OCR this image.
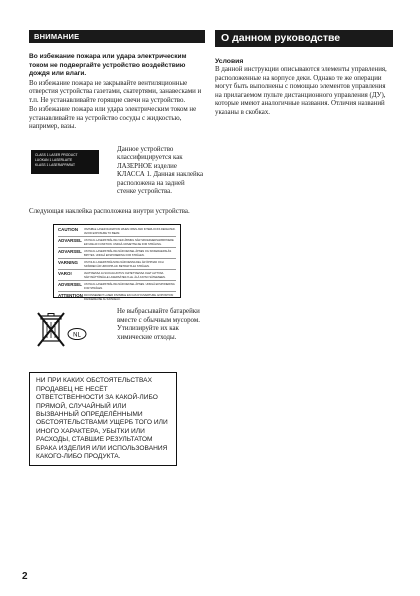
ВНИМАНИЕ
Во избежание пожара или удара электрическим током не подвергайте устройство воздействию дождя или влаги.

Во избежание пожара не закрывайте вентиляционные отверстия устройства газетами, скатертями, занавесками и т.п. Не устанавливайте горящие свечи на устройство.

Во избежание пожара или удара электрическим током не устанавливайте на устройство сосуды с жидкостью, например, вазы.

CLASS 1 LASER PRODUCT
LUOKAN 1 LASERLAITE
KLASS 1 LASERAPPARAT
Данное устройство классифицируется как ЛАЗЕРНОЕ изделие КЛАССА 1. Данная наклейка расположена на задней стенке устройства.

Следующая наклейка расположена внутри устройства.

CAUTION	INVISIBLE LASER RADIATION WHEN OPEN AND INTERLOCKS DEFEATED. AVOID EXPOSURE TO BEAM.
ADVARSEL USYNLIG LASERSTRÅLING VED ÅBNING NÅR SIKKERHEDSAFBRYDERE ER UDE AF FUNKTION. UNDGÅ UDSÆTTELSE FOR STRÅLING.
ADVARSEL USYNLIG LASERSTRÅLING NÅR DEKSEL ÅPNES OG SIKKERHEDSLÅS BRYTES. UNNGÅ EKSPONERING FOR STRÅLEN.
VARNING	OSYNLIG LASERSTRÅLNING NÄR DENNA DEL ÄR ÖPPNAD OCH SPÄRREN ÄR URKOPPLAD. BETRAKTA EJ STRÅLEN.
VARO!	AVATTAESSA JA SUOJALUKITUS OHITETTAESSA OLET ALTTIINA NÄKYMÄTTÖMÄLLE LASERSÄTEILYLLE. ÄLÄ KATSO SÄTEESEEN.
ADVERSEL USYNLIG LASERSTRÅLING NÅR DEKSEL ÅPNES. UNNGÅ EKSPONERING FOR STRÅLEN.
ATTENTION RAYONNEMENT LASER INVISIBLE EN CAS D'OUVERTURE. EXPOSITION DANGEREUSE AU FAISCEAU.
NL
Не выбрасывайте батарейки вместе с обычным мусором. Утилизируйте их как химические отходы.
НИ ПРИ КАКИХ ОБСТОЯТЕЛЬСТВАХ ПРОДАВЕЦ НЕ НЕСЁТ ОТВЕТСТВЕННОСТИ ЗА КАКОЙ-ЛИБО ПРЯМОЙ, СЛУЧАЙНЫЙ ИЛИ ВЫЗВАННЫЙ ОПРЕДЕЛЁННЫМИ ОБСТОЯТЕЛЬСТВАМИ УЩЕРБ ТОГО ИЛИ ИНОГО ХАРАКТЕРА, УБЫТКИ ИЛИ РАСХОДЫ, СТАВШИЕ РЕЗУЛЬТАТОМ БРАКА ИЗДЕЛИЯ ИЛИ ИСПОЛЬЗОВАНИЯ КАКОГО-ЛИБО ПРОДУКТА.
О данном руководстве
Условия

В данной инструкции описываются элементы управления, расположенные на корпусе деки. Однако те же операции могут быть выполнены с помощью элементов управления на прилагаемом пульте дистанционного управления (ДУ), которые имеют аналогичные названия. Отличия названий указаны в скобках.

2
